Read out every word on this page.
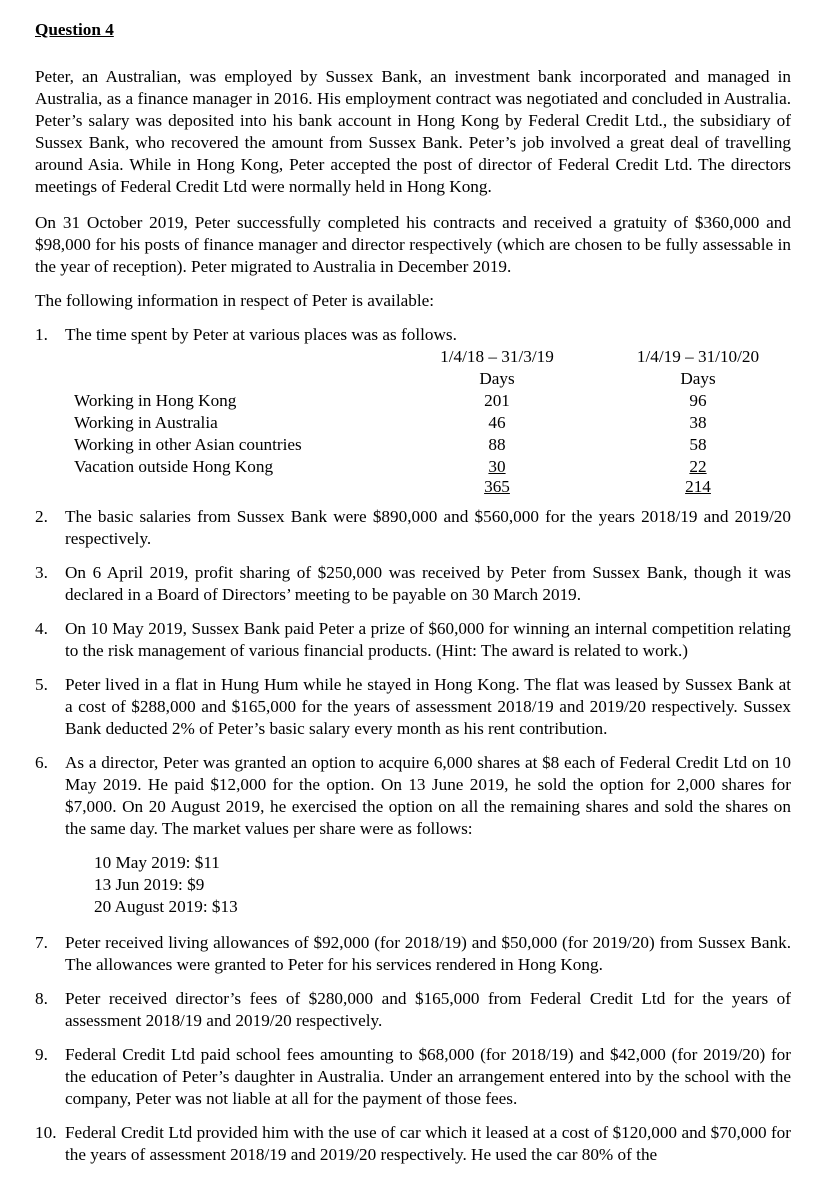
Question 4

Peter, an Australian, was employed by Sussex Bank, an investment bank incorporated and managed in Australia, as a finance manager in 2016. His employment contract was negotiated and concluded in Australia. Peter’s salary was deposited into his bank account in Hong Kong by Federal Credit Ltd., the subsidiary of Sussex Bank, who recovered the amount from Sussex Bank. Peter’s job involved a great deal of travelling around Asia. While in Hong Kong, Peter accepted the post of director of Federal Credit Ltd. The directors meetings of Federal Credit Ltd were normally held in Hong Kong.

On 31 October 2019, Peter successfully completed his contracts and received a gratuity of $360,000 and $98,000 for his posts of finance manager and director respectively (which are chosen to be fully assessable in the year of reception). Peter migrated to Australia in December 2019.

The following information in respect of Peter is available:

1. The time spent by Peter at various places was as follows.
1/4/18 – 31/3/19	1/4/19 – 31/10/20
Days	Days
Working in Hong Kong	201	96
Working in Australia	46	38
Working in other Asian countries	88	58
Vacation outside Hong Kong	30	22
365	214
2. The basic salaries from Sussex Bank were $890,000 and $560,000 for the years 2018/19 and 2019/20 respectively.
3. On 6 April 2019, profit sharing of $250,000 was received by Peter from Sussex Bank, though it was declared in a Board of Directors’ meeting to be payable on 30 March 2019.
4. On 10 May 2019, Sussex Bank paid Peter a prize of $60,000 for winning an internal competition relating to the risk management of various financial products. (Hint: The award is related to work.)
5. Peter lived in a flat in Hung Hum while he stayed in Hong Kong. The flat was leased by Sussex Bank at a cost of $288,000 and $165,000 for the years of assessment 2018/19 and 2019/20 respectively. Sussex Bank deducted 2% of Peter’s basic salary every month as his rent contribution.
6. As a director, Peter was granted an option to acquire 6,000 shares at $8 each of Federal Credit Ltd on 10 May 2019. He paid $12,000 for the option. On 13 June 2019, he sold the option for 2,000 shares for $7,000. On 20 August 2019, he exercised the option on all the remaining shares and sold the shares on the same day. The market values per share were as follows:
10 May 2019: $11
13 Jun 2019: $9
20 August 2019: $13
7. Peter received living allowances of $92,000 (for 2018/19) and $50,000 (for 2019/20) from Sussex Bank. The allowances were granted to Peter for his services rendered in Hong Kong.
8. Peter received director’s fees of $280,000 and $165,000 from Federal Credit Ltd for the years of assessment 2018/19 and 2019/20 respectively.
9. Federal Credit Ltd paid school fees amounting to $68,000 (for 2018/19) and $42,000 (for 2019/20) for the education of Peter’s daughter in Australia. Under an arrangement entered into by the school with the company, Peter was not liable at all for the payment of those fees.
10. Federal Credit Ltd provided him with the use of car which it leased at a cost of $120,000 and $70,000 for the years of assessment 2018/19 and 2019/20 respectively. He used the car 80% of the
